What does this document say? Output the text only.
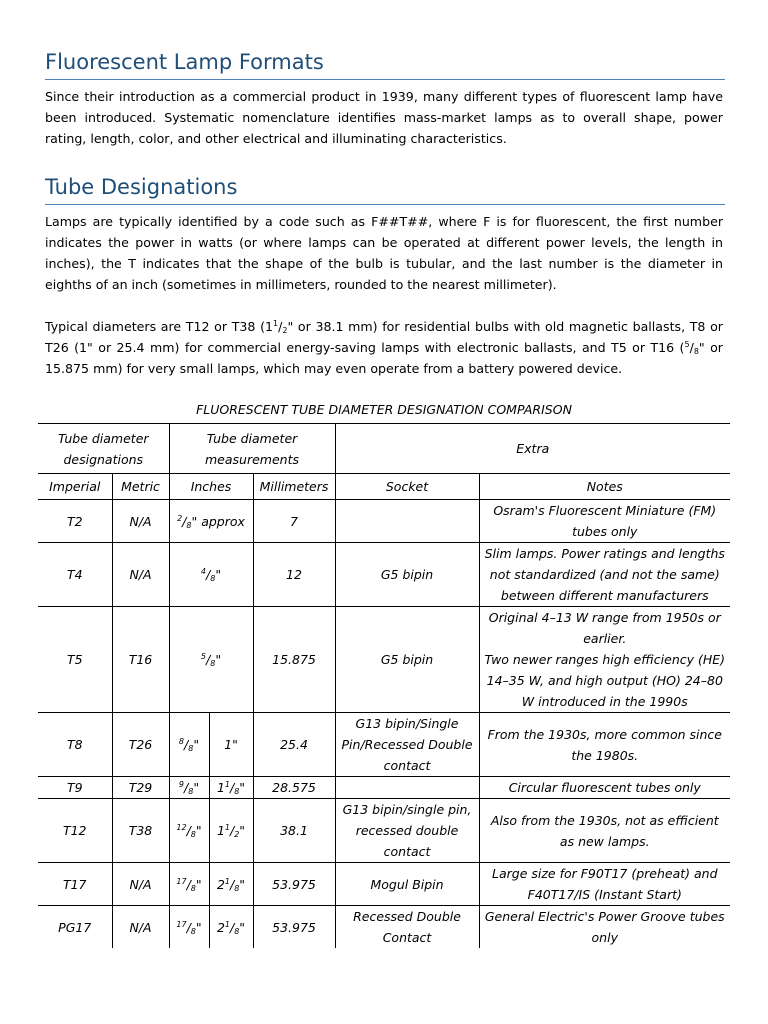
Fluorescent Lamp Formats

Since their introduction as a commercial product in 1939, many different types of fluorescent lamp have been introduced. Systematic nomenclature identifies mass-market lamps as to overall shape, power rating, length, color, and other electrical and illuminating characteristics.

Tube Designations

Lamps are typically identified by a code such as F##T##, where F is for fluorescent, the first number indicates the power in watts (or where lamps can be operated at different power levels, the length in inches), the T indicates that the shape of the bulb is tubular, and the last number is the diameter in eighths of an inch (sometimes in millimeters, rounded to the nearest millimeter).

Typical diameters are T12 or T38 ($1^1/_2$" or 38.1 mm) for residential bulbs with old magnetic ballasts, T8 or T26 (1" or 25.4 mm) for commercial energy-saving lamps with electronic ballasts, and T5 or T16 ($^5/_8$" or 15.875 mm) for very small lamps, which may even operate from a battery powered device.

FLUORESCENT TUBE DIAMETER DESIGNATION COMPARISON
Tube diameter designations		Tube diameter measurements			Extra	
Imperial	Metric	Inches		Millimeters	Socket	Notes
T2	N/A	$^2/_8$" approx		7		Osram's Fluorescent Miniature (FM) tubes only
T4	N/A	$^4/_8$"		12	G5 bipin	Slim lamps. Power ratings and lengths not standardized (and not the same) between different manufacturers
T5	T16	$^5/_8$"		15.875	G5 bipin	Original 4–13 W range from 1950s or earlier.
Two newer ranges high efficiency (HE) 14–35 W, and high output (HO) 24–80 W introduced in the 1990s

T8	T26	$^8/_8$"	1"	25.4	G13 bipin/Single Pin/Recessed Double contact	From the 1930s, more common since the 1980s.
T9	T29	$^9/_8$"	$1^1/_8$"	28.575		Circular fluorescent tubes only
T12	T38	$^{12}/_8$"	$1^1/_2$"	38.1	G13 bipin/single pin, recessed double contact	Also from the 1930s, not as efficient as new lamps.
T17	N/A	$^{17}/_8$"	$2^1/_8$"	53.975	Mogul Bipin	Large size for F90T17 (preheat) and F40T17/IS (Instant Start)
PG17	N/A	$^{17}/_8$"	$2^1/_8$"	53.975	Recessed Double Contact	General Electric's Power Groove tubes only
